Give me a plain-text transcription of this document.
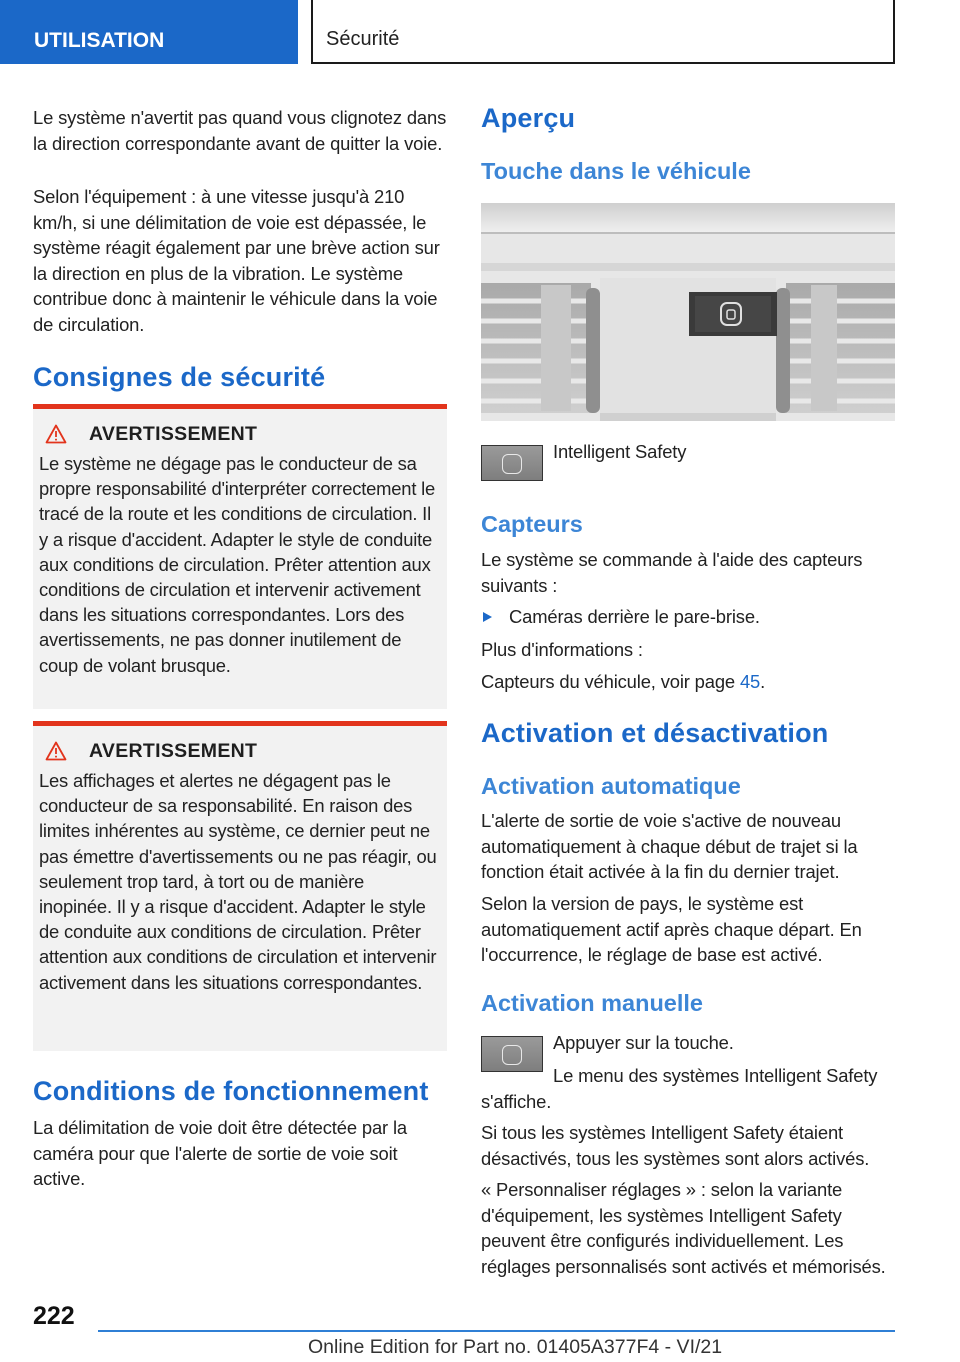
UTILISATION	Sécurité

Le système n'avertit pas quand vous clignotez dans la direction correspondante avant de quitter la voie.

Selon l'équipement : à une vitesse jusqu'à 210 km/h, si une délimitation de voie est dépassée, le système réagit également par une brève action sur la direction en plus de la vibration. Le système contribue donc à maintenir le véhicule dans la voie de circulation.

Consignes de sécurité
AVERTISSEMENT

Le système ne dégage pas le conducteur de sa propre responsabilité d'interpréter correctement le tracé de la route et les conditions de circulation. Il y a risque d'accident. Adapter le style de conduite aux conditions de circulation. Prêter attention aux conditions de circulation et intervenir activement dans les situations correspondantes. Lors des avertissements, ne pas donner inutilement de coup de volant brusque.

AVERTISSEMENT

Les affichages et alertes ne dégagent pas le conducteur de sa responsabilité. En raison des limites inhérentes au système, ce dernier peut ne pas émettre d'avertissements ou ne pas réagir, ou seulement trop tard, à tort ou de manière inopinée. Il y a risque d'accident. Adapter le style de conduite aux conditions de circulation. Prêter attention aux conditions de circulation et intervenir activement dans les situations correspondantes.

Conditions de fonctionnement

La délimitation de voie doit être détectée par la caméra pour que l'alerte de sortie de voie soit active.

Aperçu
Touche dans le véhicule

Intelligent Safety

Capteurs

Le système se commande à l'aide des capteurs suivants :

Caméras derrière le pare-brise.

Plus d'informations :

Capteurs du véhicule, voir page 45.

Activation et désactivation
Activation automatique

L'alerte de sortie de voie s'active de nouveau automatiquement à chaque début de trajet si la fonction était activée à la fin du dernier trajet.

Selon la version de pays, le système est automatiquement actif après chaque départ. En l'occurrence, le réglage de base est activé.

Activation manuelle

Appuyer sur la touche.

Le menu des systèmes Intelligent Safety s'affiche.

Si tous les systèmes Intelligent Safety étaient désactivés, tous les systèmes sont alors activés.

« Personnaliser réglages » : selon la variante d'équipement, les systèmes Intelligent Safety peuvent être configurés individuellement. Les réglages personnalisés sont activés et mémorisés.

222
Online Edition for Part no. 01405A377F4 - VI/21
